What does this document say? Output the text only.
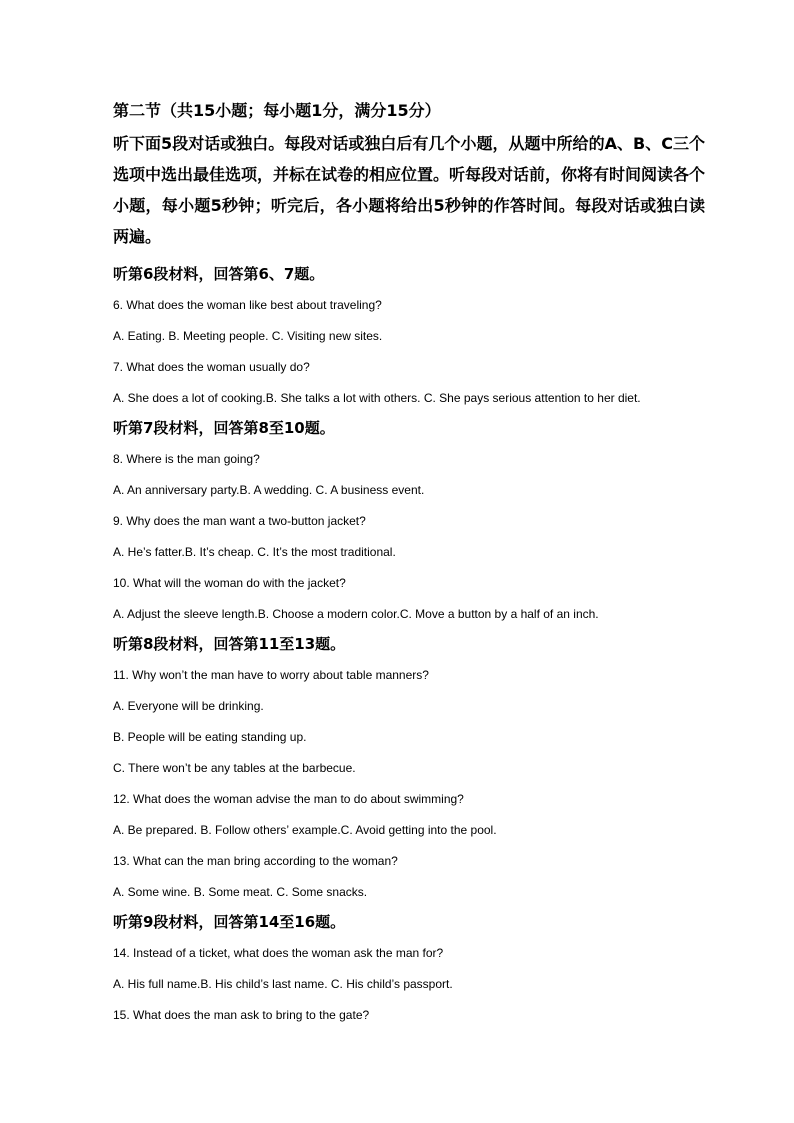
第二节（共15小题；每小题1分，满分15分）

听下面5段对话或独白。每段对话或独白后有几个小题，从题中所给的A、B、C三个选项中选出最佳选项，并标在试卷的相应位置。听每段对话前，你将有时间阅读各个小题，每小题5秒钟；听完后，各小题将给出5秒钟的作答时间。每段对话或独白读两遍。

听第6段材料，回答第6、7题。

6. What does the woman like best about traveling?

A. Eating. B. Meeting people. C. Visiting new sites.

7. What does the woman usually do?

A. She does a lot of cooking.B. She talks a lot with others. C. She pays serious attention to her diet.

听第7段材料，回答第8至10题。

8. Where is the man going?

A. An anniversary party.B. A wedding. C. A business event.

9. Why does the man want a two-button jacket?

A. He’s fatter.B. It’s cheap. C. It’s the most traditional.

10. What will the woman do with the jacket?

A. Adjust the sleeve length.B. Choose a modern color.C. Move a button by a half of an inch.

听第8段材料，回答第11至13题。

11. Why won’t the man have to worry about table manners?

A. Everyone will be drinking.

B. People will be eating standing up.

C. There won’t be any tables at the barbecue.

12. What does the woman advise the man to do about swimming?

A. Be prepared. B. Follow others’ example.C. Avoid getting into the pool.

13. What can the man bring according to the woman?

A. Some wine. B. Some meat. C. Some snacks.

听第9段材料，回答第14至16题。

14. Instead of a ticket, what does the woman ask the man for?

A. His full name.B. His child’s last name. C. His child’s passport.

15. What does the man ask to bring to the gate?
